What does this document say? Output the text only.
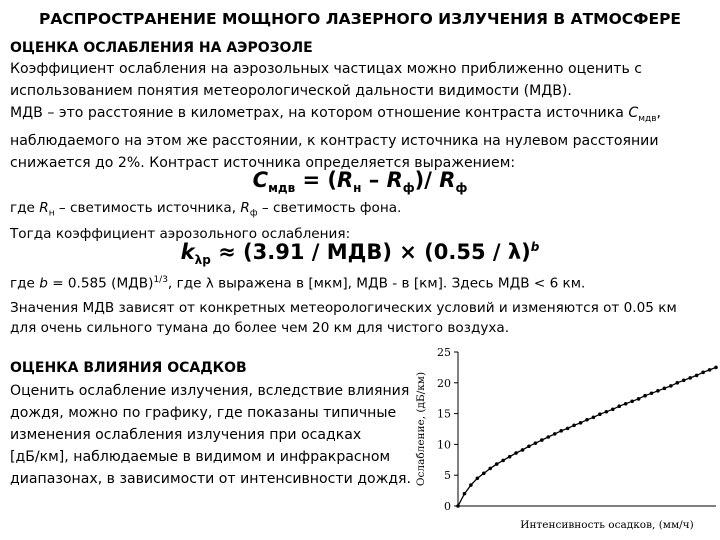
РАСПРОСТРАНЕНИЕ МОЩНОГО ЛАЗЕРНОГО ИЗЛУЧЕНИЯ В АТМОСФЕРЕ
ОЦЕНКА ОСЛАБЛЕНИЯ НА АЭРОЗОЛЕ
Коэффициент ослабления на аэрозольных частицах можно приближенно оценить с
использованием понятия метеорологической дальности видимости (МДВ).
МДВ – это расстояние в километрах, на котором отношение контраста источника $C_{мдв}$,
наблюдаемого на этом же расстоянии, к контрасту источника на нулевом расстоянии
снижается до 2%. Контраст источника определяется выражением:
$C_{мдв} = (R_н - R_ф)/$ $R_ф$
где $R_н$ – светимость источника, $R_ф$ – светимость фона.
Тогда коэффициент аэрозольного ослабления:
$k_{\lambda p} \approx (3.91 / МДВ) \times (0.55 / \lambda)^b$
где b = 0.585 (МДВ)$^{1/3}$, где λ выражена в [мкм], МДВ ‐ в [км]. Здесь МДВ < 6 км.
Значения МДВ зависят от конкретных метеорологических условий и изменяются от 0.05 км
для очень сильного тумана до более чем 20 км для чистого воздуха.
ОЦЕНКА ВЛИЯНИЯ ОСАДКОВ
Оценить ослабление излучения, вследствие влияния
дождя, можно по графику, где показаны типичные
изменения ослабления излучения при осадках
[дБ/км], наблюдаемые в видимом и инфракрасном
диапазонах, в зависимости от интенсивности дождя.
0
5
10
15
20
25
Ослабление, (дБ/км)
Интенсивность осадков, (мм/ч)
